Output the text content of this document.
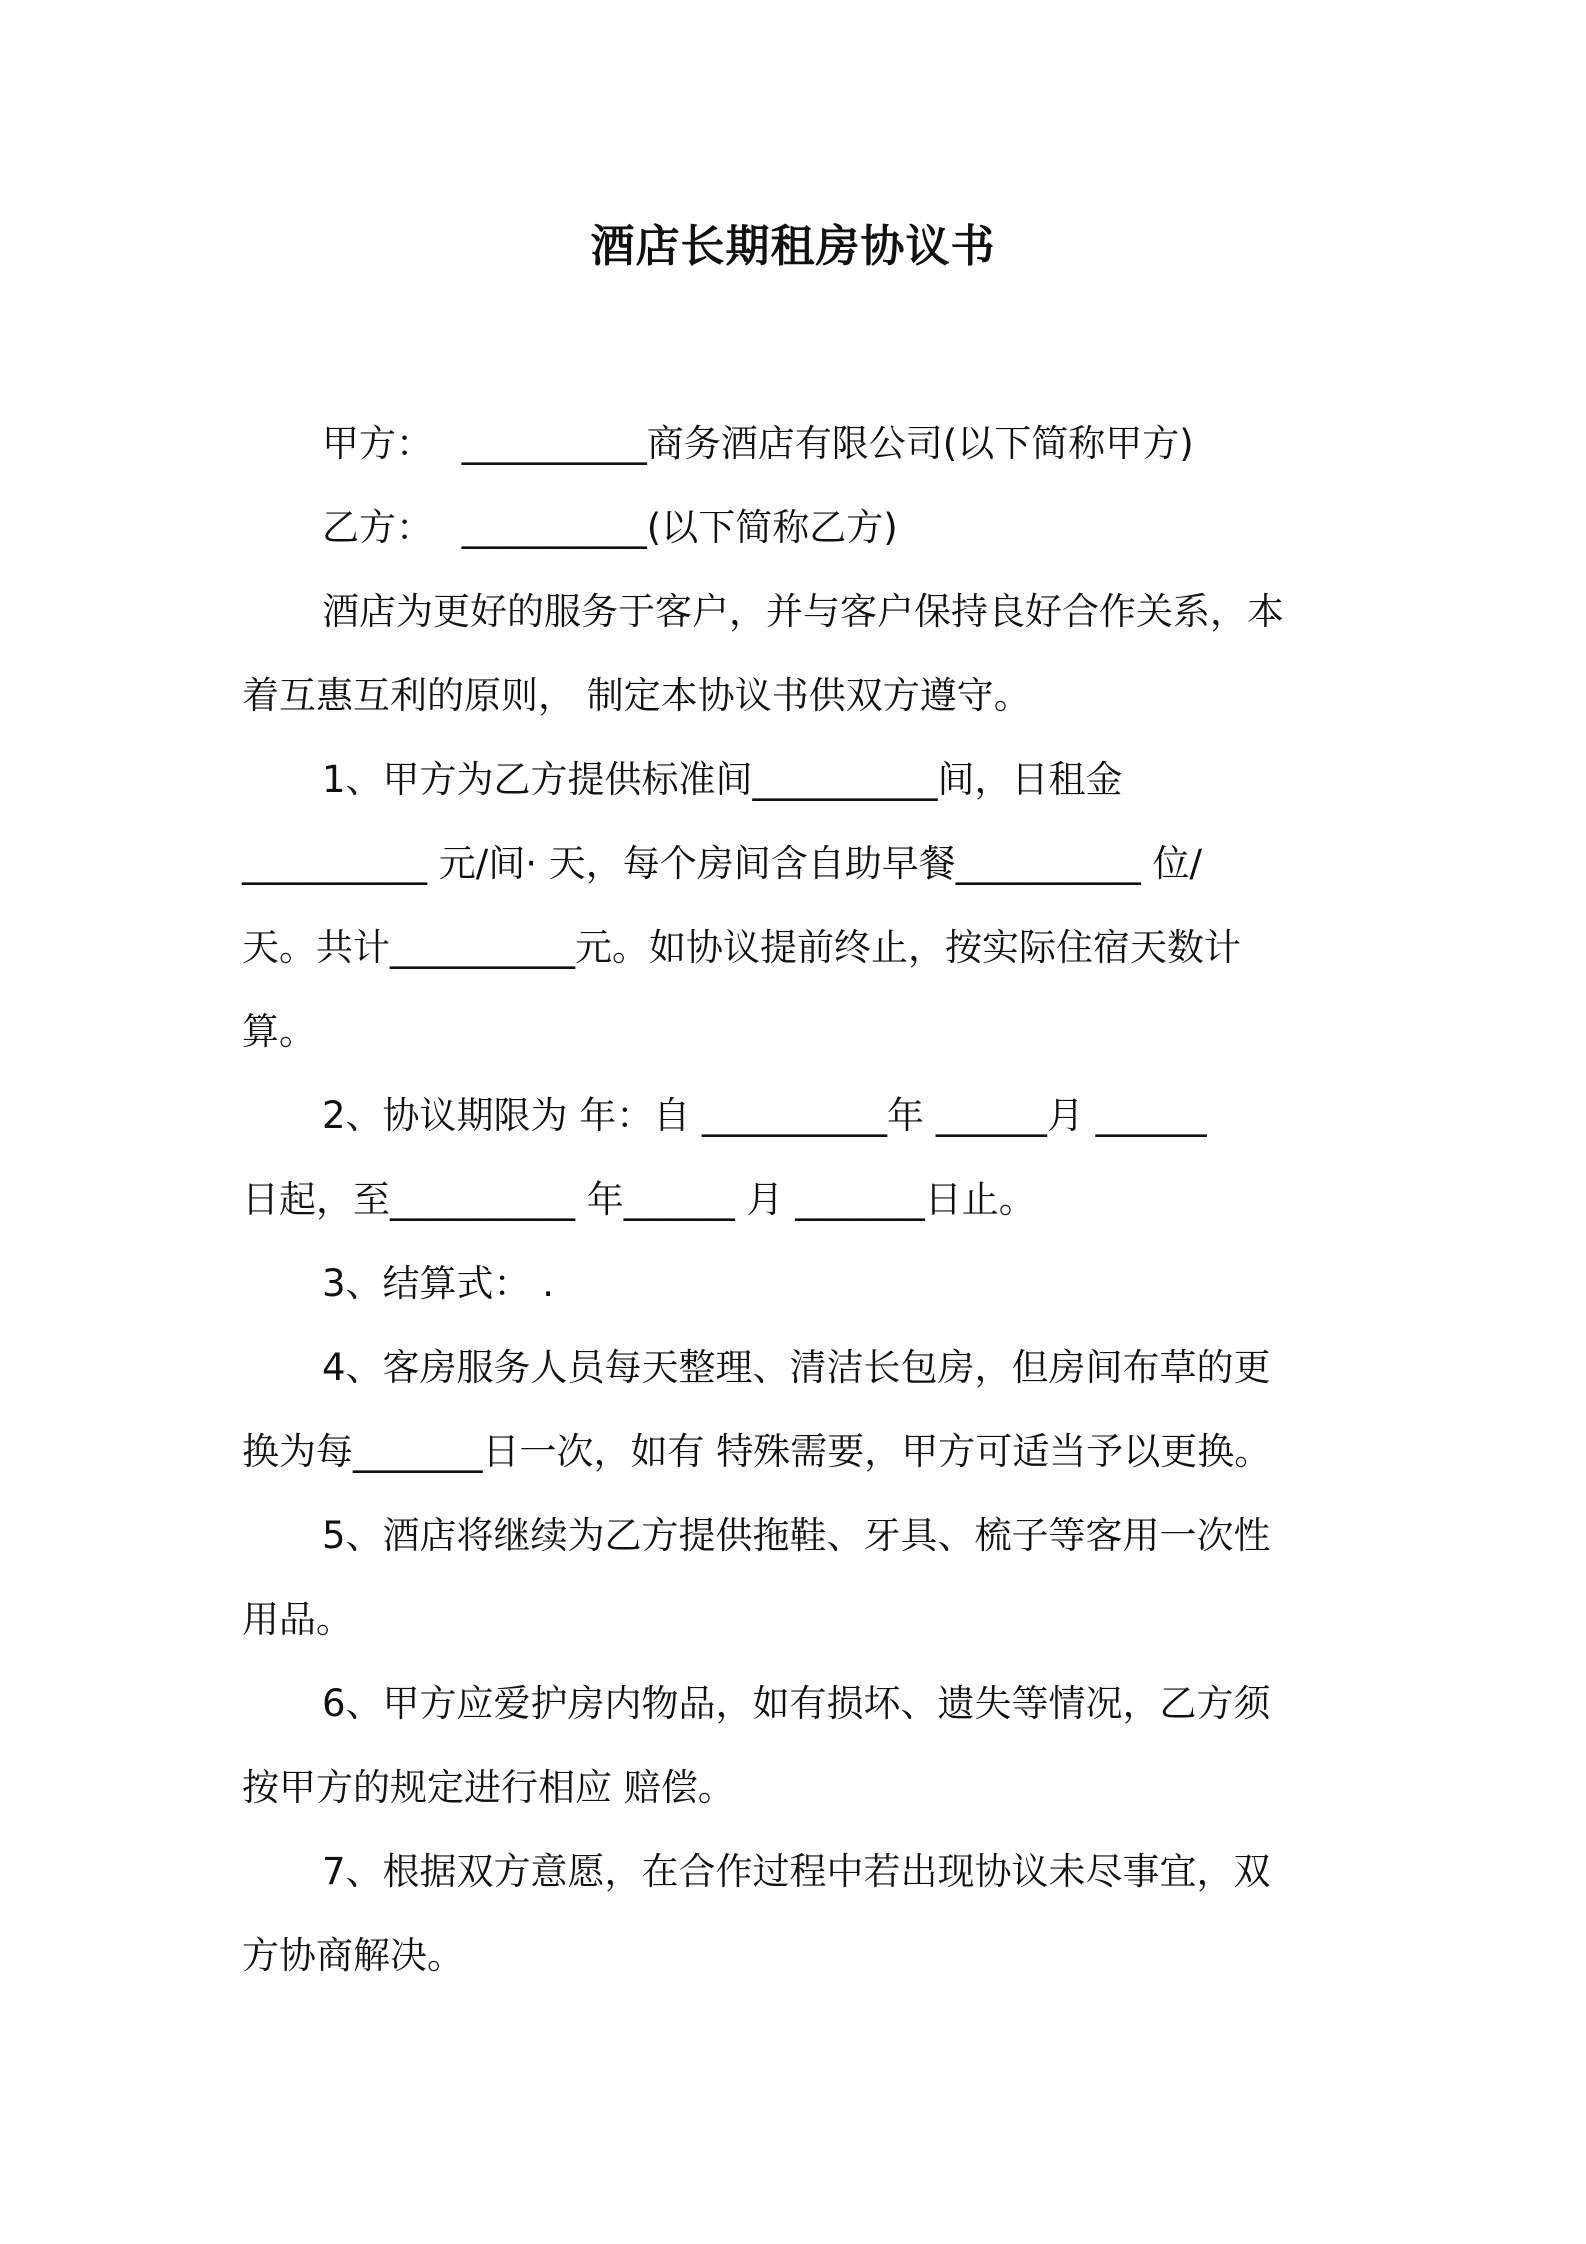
酒店长期租房协议书
甲方： __________商务酒店有限公司(以下简称甲方)
乙方： __________(以下简称乙方)
酒店为更好的服务于客户，并与客户保持良好合作关系，本
着互惠互利的原则， 制定本协议书供双方遵守。
1、甲方为乙方提供标准间__________间，日租金
__________ 元/间· 天，每个房间含自助早餐__________ 位/
天。共计__________元。如协议提前终止，按实际住宿天数计
算。
2、协议期限为 年：自 __________年 ______月 ______
日起，至__________ 年______ 月 _______日止。
3、结算式： .
4、客房服务人员每天整理、清洁长包房，但房间布草的更
换为每_______日一次，如有 特殊需要，甲方可适当予以更换。
5、酒店将继续为乙方提供拖鞋、牙具、梳子等客用一次性
用品。
6、甲方应爱护房内物品，如有损坏、遗失等情况，乙方须
按甲方的规定进行相应 赔偿。
7、根据双方意愿，在合作过程中若出现协议未尽事宜，双
方协商解决。
